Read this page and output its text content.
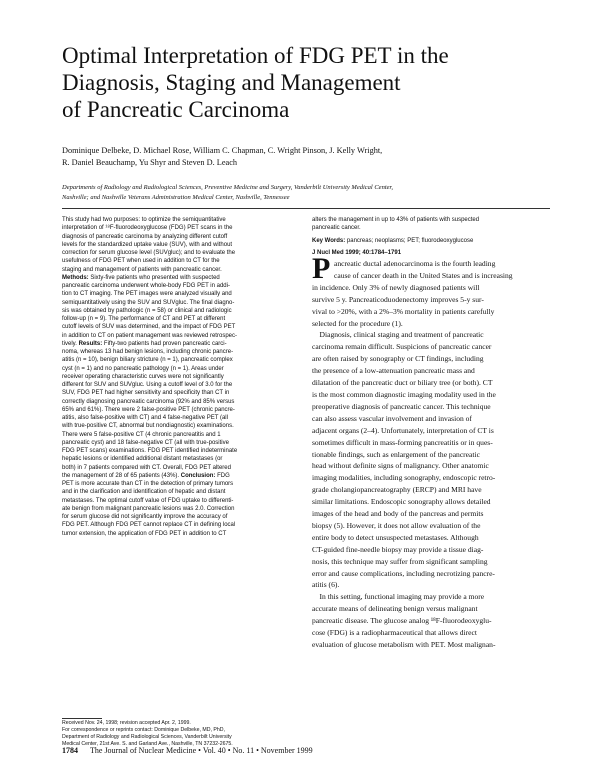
Optimal Interpretation of FDG PET in the
Diagnosis, Staging and Management
of Pancreatic Carcinoma
Dominique Delbeke, D. Michael Rose, William C. Chapman, C. Wright Pinson, J. Kelly Wright,
R. Daniel Beauchamp, Yu Shyr and Steven D. Leach
Departments of Radiology and Radiological Sciences, Preventive Medicine and Surgery, Vanderbilt University Medical Center,
Nashville; and Nashville Veterans Administration Medical Center, Nashville, Tennessee
This study had two purposes: to optimize the semiquantitative
interpretation of ¹⁸F-fluorodeoxyglucose (FDG) PET scans in the
diagnosis of pancreatic carcinoma by analyzing different cutoff
levels for the standardized uptake value (SUV), with and without
correction for serum glucose level (SUVgluc); and to evaluate the
usefulness of FDG PET when used in addition to CT for the
staging and management of patients with pancreatic cancer.
Methods: Sixty-five patients who presented with suspected
pancreatic carcinoma underwent whole-body FDG PET in addi-
tion to CT imaging. The PET images were analyzed visually and
semiquantitatively using the SUV and SUVgluc. The final diagno-
sis was obtained by pathologic (n = 58) or clinical and radiologic
follow-up (n = 9). The performance of CT and PET at different
cutoff levels of SUV was determined, and the impact of FDG PET
in addition to CT on patient management was reviewed retrospec-
tively. Results: Fifty-two patients had proven pancreatic carci-
noma, whereas 13 had benign lesions, including chronic pancre-
atitis (n = 10), benign biliary stricture (n = 1), pancreatic complex
cyst (n = 1) and no pancreatic pathology (n = 1). Areas under
receiver operating characteristic curves were not significantly
different for SUV and SUVgluc. Using a cutoff level of 3.0 for the
SUV, FDG PET had higher sensitivity and specificity than CT in
correctly diagnosing pancreatic carcinoma (92% and 85% versus
65% and 61%). There were 2 false-positive PET (chronic pancre-
atitis, also false-positive with CT) and 4 false-negative PET (all
with true-positive CT, abnormal but nondiagnostic) examinations.
There were 5 false-positive CT (4 chronic pancreatitis and 1
pancreatic cyst) and 18 false-negative CT (all with true-positive
FDG PET scans) examinations. FDG PET identified indeterminate
hepatic lesions or identified additional distant metastases (or
both) in 7 patients compared with CT. Overall, FDG PET altered
the management of 28 of 65 patients (43%). Conclusion: FDG
PET is more accurate than CT in the detection of primary tumors
and in the clarification and identification of hepatic and distant
metastases. The optimal cutoff value of FDG uptake to differenti-
ate benign from malignant pancreatic lesions was 2.0. Correction
for serum glucose did not significantly improve the accuracy of
FDG PET. Although FDG PET cannot replace CT in defining local
tumor extension, the application of FDG PET in addition to CT
alters the management in up to 43% of patients with suspected
pancreatic cancer.
Key Words: pancreas; neoplasms; PET; fluorodeoxyglucose
J Nucl Med 1999; 40:1784–1791
P ancreatic ductal adenocarcinoma is the fourth leading
cause of cancer death in the United States and is increasing
in incidence. Only 3% of newly diagnosed patients will
survive 5 y. Pancreaticoduodenectomy improves 5-y sur-
vival to >20%, with a 2%–3% mortality in patients carefully
selected for the procedure (1).
Diagnosis, clinical staging and treatment of pancreatic
carcinoma remain difficult. Suspicions of pancreatic cancer
are often raised by sonography or CT findings, including
the presence of a low-attenuation pancreatic mass and
dilatation of the pancreatic duct or biliary tree (or both). CT
is the most common diagnostic imaging modality used in the
preoperative diagnosis of pancreatic cancer. This technique
can also assess vascular involvement and invasion of
adjacent organs (2–4). Unfortunately, interpretation of CT is
sometimes difficult in mass-forming pancreatitis or in ques-
tionable findings, such as enlargement of the pancreatic
head without definite signs of malignancy. Other anatomic
imaging modalities, including sonography, endoscopic retro-
grade cholangiopancreatography (ERCP) and MRI have
similar limitations. Endoscopic sonography allows detailed
images of the head and body of the pancreas and permits
biopsy (5). However, it does not allow evaluation of the
entire body to detect unsuspected metastases. Although
CT-guided fine-needle biopsy may provide a tissue diag-
nosis, this technique may suffer from significant sampling
error and cause complications, including necrotizing pancre-
atitis (6).
In this setting, functional imaging may provide a more
accurate means of delineating benign versus malignant
pancreatic disease. The glucose analog ¹⁸F-fluorodeoxyglu-
cose (FDG) is a radiopharmaceutical that allows direct
evaluation of glucose metabolism with PET. Most malignan-
Received Nov. 24, 1998; revision accepted Apr. 2, 1999.
For correspondence or reprints contact: Dominique Delbeke, MD, PhD,
Department of Radiology and Radiological Sciences, Vanderbilt University
Medical Center, 21st Ave. S. and Garland Ave., Nashville, TN 37232-2675.
1784 The Journal of Nuclear Medicine • Vol. 40 • No. 11 • November 1999
